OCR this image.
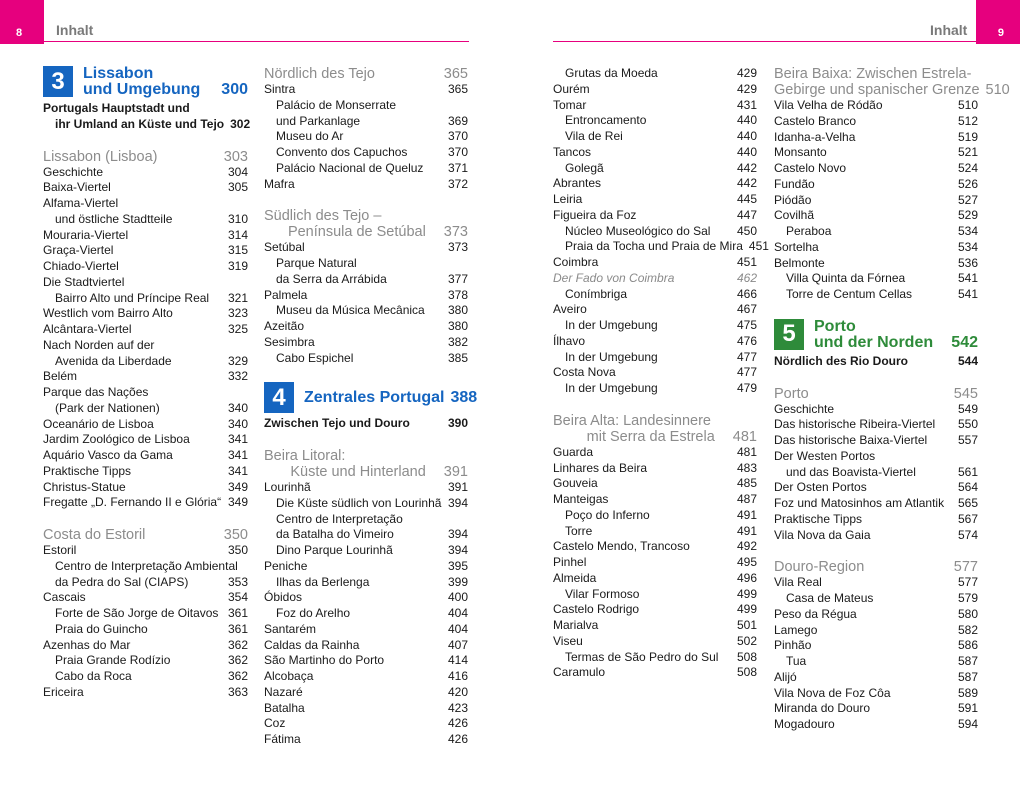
8 Inhalt	9
Inhalt
3	Lissabon
und Umgebung 300
Portugals Hauptstadt und
ihr Umland an Küste und Tejo 302
Lissabon (Lisboa)	303
Geschichte	304
Baixa-Viertel	305
Alfama-Viertel
und östliche Stadtteile	310
Mouraria-Viertel	314
Graça-Viertel	315
Chiado-Viertel	319
Die Stadtviertel
Bairro Alto und Príncipe Real 321
Westlich vom Bairro Alto	323
Alcântara-Viertel	325
Nach Norden auf der
Avenida da Liberdade	329
Belém	332
Parque das Nações
(Park der Nationen)	340
Oceanário de Lisboa	340
Jardim Zoológico de Lisboa	341
Aquário Vasco da Gama	341
Praktische Tipps	341
Christus-Statue	349
Fregatte „D. Fernando II e Glória“ 349
Costa do Estoril	350
Estoril	350
Centro de Interpretação Ambiental
da Pedra do Sal (CIAPS)	353
Cascais	354
Forte de São Jorge de Oitavos 361
Praia do Guincho	361
Azenhas do Mar	362
Praia Grande Rodízio	362
Cabo da Roca	362
Ericeira	363
Nördlich des Tejo	365
Sintra	365
Palácio de Monserrate
und Parkanlage	369
Museu do Ar	370
Convento dos Capuchos	370
Palácio Nacional de Queluz 371
Mafra	372
Südlich des Tejo –
Península de Setúbal 373
Setúbal	373
Parque Natural
da Serra da Arrábida	377
Palmela	378
Museu da Música Mecânica 380
Azeitão	380
Sesimbra	382
Cabo Espichel	385
4	Zentrales Portugal 388
Zwischen Tejo und Douro	390
Beira Litoral:
Küste und Hinterland 391
Lourinhã	391
Die Küste südlich von Lourinhã 394
Centro de Interpretação
da Batalha do Vimeiro	394
Dino Parque Lourinhã	394
Peniche	395
Ilhas da Berlenga	399
Óbidos	400
Foz do Arelho	404
Santarém	404
Caldas da Rainha	407
São Martinho do Porto	414
Alcobaça	416
Nazaré	420
Batalha	423
Coz	426
Fátima	426
Grutas da Moeda	429
Ourém	429
Tomar	431
Entroncamento	440
Vila de Rei	440
Tancos	440
Golegã	442
Abrantes	442
Leiria	445
Figueira da Foz	447
Núcleo Museológico do Sal 450
Praia da Tocha und Praia de Mira 451
Coimbra	451
Der Fado von Coimbra	462
Conímbriga	466
Aveiro	467
In der Umgebung	475
Ílhavo	476
In der Umgebung	477
Costa Nova	477
In der Umgebung	479
Beira Alta: Landesinnere
mit Serra da Estrela 481
Guarda	481
Linhares da Beira	483
Gouveia	485
Manteigas	487
Poço do Inferno	491
Torre	491
Castelo Mendo, Trancoso	492
Pinhel	495
Almeida	496
Vilar Formoso	499
Castelo Rodrigo	499
Marialva	501
Viseu	502
Termas de São Pedro do Sul 508
Caramulo	508
Beira Baixa: Zwischen Estrela-
Gebirge und spanischer Grenze 510
Vila Velha de Ródão	510
Castelo Branco	512
Idanha-a-Velha	519
Monsanto	521
Castelo Novo	524
Fundão	526
Piódão	527
Covilhã	529
Peraboa	534
Sortelha	534
Belmonte	536
Villa Quinta da Fórnea	541
Torre de Centum Cellas	541
5	Porto
und der Norden 542
Nördlich des Rio Douro	544
Porto	545
Geschichte	549
Das historische Ribeira-Viertel 550
Das historische Baixa-Viertel	557
Der Westen Portos
und das Boavista-Viertel	561
Der Osten Portos	564
Foz und Matosinhos am Atlantik 565
Praktische Tipps	567
Vila Nova da Gaia	574
Douro-Region	577
Vila Real	577
Casa de Mateus	579
Peso da Régua	580
Lamego	582
Pinhão	586
Tua	587
Alijó	587
Vila Nova de Foz Côa	589
Miranda do Douro	591
Mogadouro	594
